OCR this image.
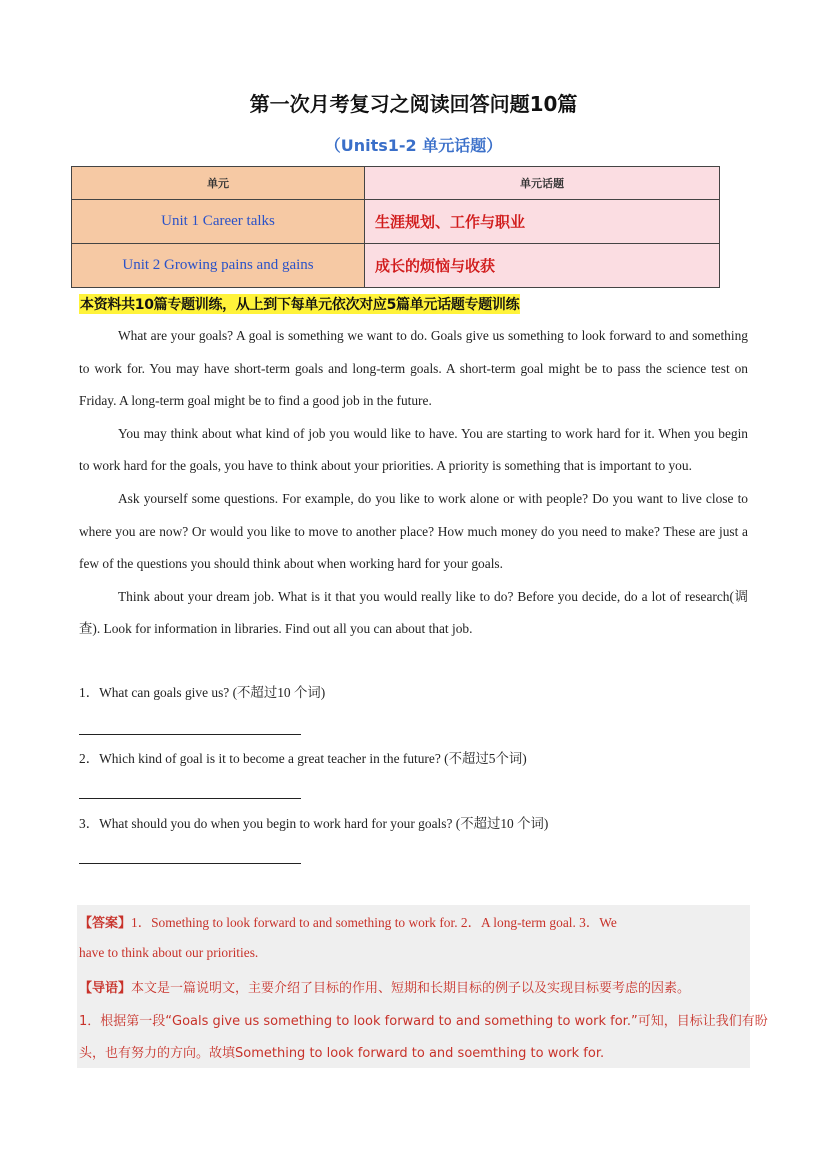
第一次月考复习之阅读回答问题10篇
（Units1-2 单元话题）
单元	单元话题
Unit 1 Career talks	生涯规划、工作与职业

Unit 2 Growing pains and gains	成长的烦恼与收获
本资料共10篇专题训练，从上到下每单元依次对应5篇单元话题专题训练

What are your goals? A goal is something we want to do. Goals give us something to look forward to and something to work for. You may have short-term goals and long-term goals. A short-term goal might be to pass the science test on Friday. A long-term goal might be to find a good job in the future.

You may think about what kind of job you would like to have. You are starting to work hard for it. When you begin to work hard for the goals, you have to think about your priorities. A priority is something that is important to you.

Ask yourself some questions. For example, do you like to work alone or with people? Do you want to live close to where you are now? Or would you like to move to another place? How much money do you need to make? These are just a few of the questions you should think about when working hard for your goals.

Think about your dream job. What is it that you would really like to do? Before you decide, do a lot of research(调查). Look for information in libraries. Find out all you can about that job.

1．What can goals give us? (不超过10 个词)
2．Which kind of goal is it to become a great teacher in the future? (不超过5个词)
3．What should you do when you begin to work hard for your goals? (不超过10 个词)
【答案】1．Something to look forward to and something to work for. 2．A long-term goal. 3．We
have to think about our priorities.
【导语】本文是一篇说明文，主要介绍了目标的作用、短期和长期目标的例子以及实现目标要考虑的因素。
1．根据第一段“Goals give us something to look forward to and something to work for.”可知，目标让我们有盼
头，也有努力的方向。故填Something to look forward to and soemthing to work for.
